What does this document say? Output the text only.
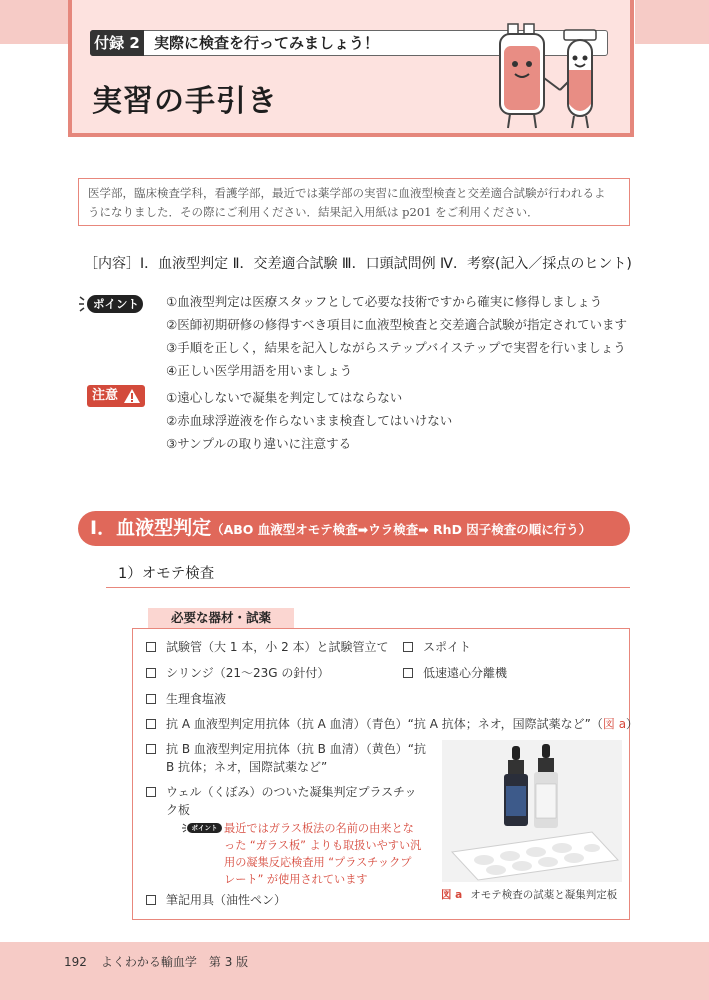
付録 2 実際に検査を行ってみましょう！
実習の手引き
医学部，臨床検査学科，看護学部，最近では薬学部の実習に血液型検査と交差適合試験が行われるよ
うになりました．その際にご利用ください．結果記入用紙は p201 をご利用ください．
［内容］Ⅰ．血液型判定 Ⅱ．交差適合試験 Ⅲ．口頭試問例 Ⅳ．考察(記入／採点のヒント)
ポイント	①血液型判定は医療スタッフとして必要な技術ですから確実に修得しましょう
②医師初期研修の修得すべき項目に血液型検査と交差適合試験が指定されています
③手順を正しく，結果を記入しながらステップバイステップで実習を行いましょう
④正しい医学用語を用いましょう
注意	①遠心しないで凝集を判定してはならない
②赤血球浮遊液を作らないまま検査してはいけない
③サンプルの取り違いに注意する
Ⅰ．血液型判定（ABO 血液型オモテ検査➡ウラ検査➡ RhD 因子検査の順に行う）
1）オモテ検査
必要な器材・試薬
試験管（大 1 本，小 2 本）と試験管立て	スポイト
シリンジ（21～23G の針付）	低速遠心分離機
生理食塩液
抗 A 血液型判定用抗体（抗 A 血清）（青色）“抗 A 抗体；ネオ，国際試薬など”（図 a）
抗 B 血液型判定用抗体（抗 B 血清）（黄色）“抗
B 抗体；ネオ，国際試薬など”
ウェル（くぼみ）のついた凝集判定プラスチッ
ク板
ポイント 最近ではガラス板法の名前の由来となった “ガラス板” よりも取扱いやすい汎用の凝集反応検査用 “プラスチックプレート” が使用されています
筆記用具（油性ペン）	図 a オモテ検査の試薬と凝集判定板
192 よくわかる輸血学　第 3 版
